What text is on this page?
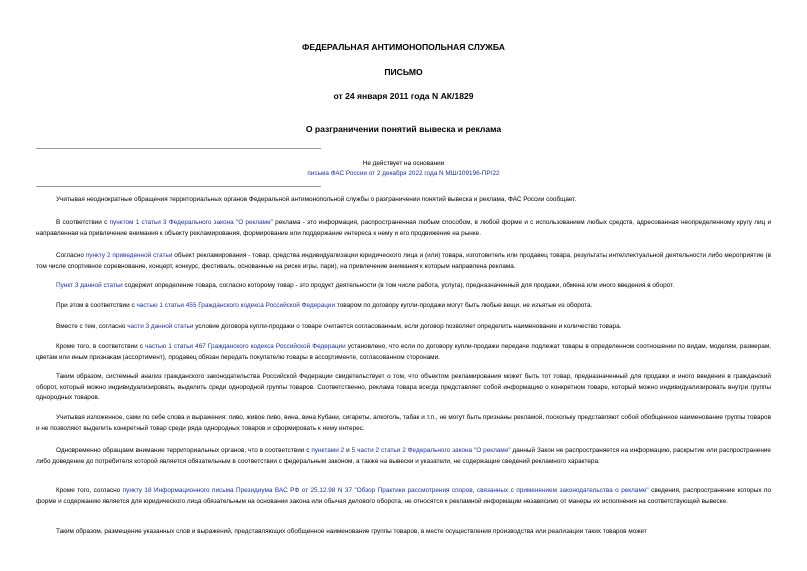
ФЕДЕРАЛЬНАЯ АНТИМОНОПОЛЬНАЯ СЛУЖБА
ПИСЬМО
от 24 января 2011 года N АК/1829
О разграничении понятий вывеска и реклама
Не действует на основании
письма ФАС России от 2 декабря 2022 года N МШ/109196-ПР/22

Учитывая неоднократные обращения территориальных органов Федеральной антимонопольной службы о разграничении понятий вывеска и реклама, ФАС России сообщает.

В соответствии с пунктом 1 статьи 3 Федерального закона "О рекламе" реклама - это информация, распространенная любым способом, в любой форме и с использованием любых средств, адресованная неопределенному кругу лиц и направленная на привлечение внимания к объекту рекламирования, формирование или поддержание интереса к нему и его продвижение на рынке.

Согласно пункту 2 приведенной статьи объект рекламирования - товар, средства индивидуализации юридического лица и (или) товара, изготовитель или продавец товара, результаты интеллектуальной деятельности либо мероприятие (в том числе спортивное соревнование, концерт, конкурс, фестиваль, основанные на риске игры, пари), на привлечение внимания к которым направлена реклама.

Пункт 3 данной статьи содержит определение товара, согласно которому товар - это продукт деятельности (в том числе работа, услуга), предназначенный для продажи, обмена или иного введения в оборот.

При этом в соответствии с частью 1 статьи 455 Гражданского кодекса Российской Федерации товаром по договору купли-продажи могут быть любые вещи, не изъятые из оборота.

Вместе с тем, согласно части 3 данной статьи условие договора купли-продажи о товаре считается согласованным, если договор позволяет определить наименование и количество товара.

Кроме того, в соответствии с частью 1 статьи 467 Гражданского кодекса Российской Федерации установлено, что если по договору купли-продажи передаче подлежат товары в определенном соотношении по видам, моделям, размерам, цветам или иным признакам (ассортимент), продавец обязан передать покупателю товары в ассортименте, согласованном сторонами.

Таким образом, системный анализ гражданского законодательства Российской Федерации свидетельствует о том, что объектом рекламирования может быть тот товар, предназначенный для продажи и иного введения в гражданский оборот, который можно индивидуализировать, выделить среди однородной группы товаров. Соответственно, реклама товара всегда представляет собой информацию о конкретном товаре, который можно индивидуализировать внутри группы однородных товаров.

Учитывая изложенное, сами по себе слова и выражения: пиво, живое пиво, вина, вина Кубани, сигареты, алкоголь, табак и т.п., не могут быть признаны рекламой, поскольку представляют собой обобщенное наименование группы товаров и не позволяют выделить конкретный товар среди ряда однородных товаров и сформировать к нему интерес.

Одновременно обращаем внимание территориальных органов, что в соответствии с пунктами 2 и 5 части 2 статьи 2 Федерального закона "О рекламе" данный Закон не распространяется на информацию, раскрытие или распространение либо доведение до потребителя которой является обязательным в соответствии с федеральным законом, а также на вывески и указатели, не содержащие сведений рекламного характера.

Кроме того, согласно пункту 18 Информационного письма Президиума ВАС РФ от 25.12.98 N 37 "Обзор Практики рассмотрения споров, связанных с применением законодательства о рекламе" сведения, распространение которых по форме и содержанию является для юридического лица обязательным на основании закона или обычая делового оборота, не относятся к рекламной информации независимо от манеры их исполнения на соответствующей вывеске.

Таким образом, размещение указанных слов и выражений, представляющих обобщенное наименование группы товаров, в месте осуществления производства или реализации таких товаров может
